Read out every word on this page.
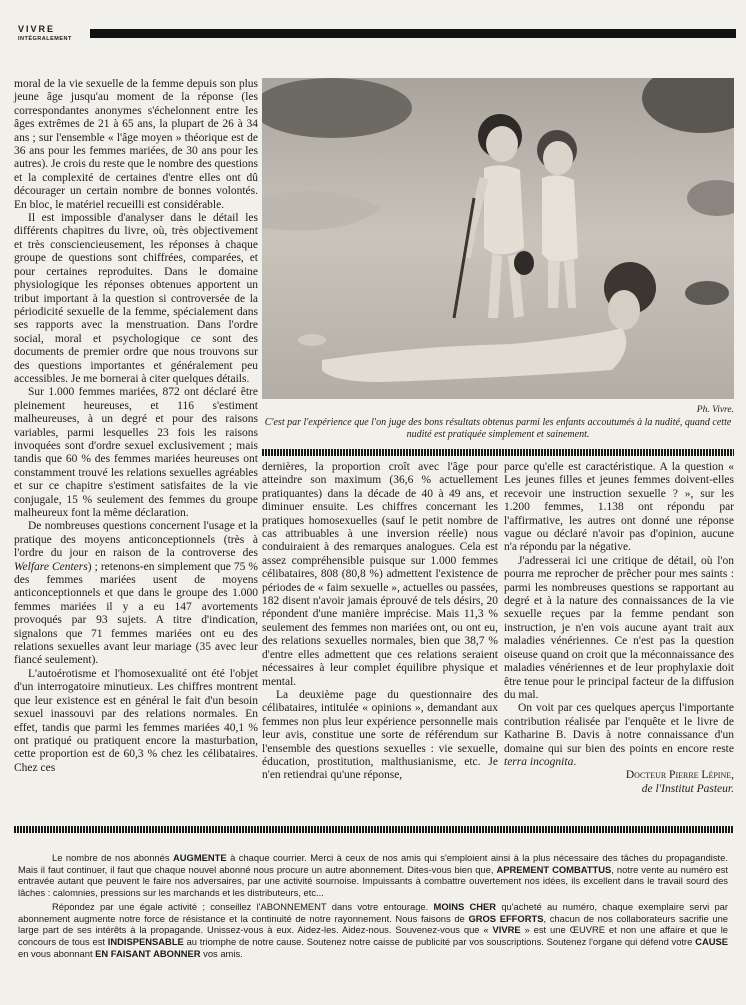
VIVRE
INTÉGRALEMENT

moral de la vie sexuelle de la femme depuis son plus jeune âge jusqu'au moment de la réponse (les correspondantes anonymes s'échelonnent entre les âges extrêmes de 21 à 65 ans, la plupart de 26 à 34 ans ; sur l'ensemble « l'âge moyen » théorique est de 36 ans pour les femmes mariées, de 30 ans pour les autres). Je crois du reste que le nombre des questions et la complexité de certaines d'entre elles ont dû décourager un certain nombre de bonnes volontés. En bloc, le matériel recueilli est considérable.

Il est impossible d'analyser dans le détail les différents chapitres du livre, où, très objectivement et très consciencieusement, les réponses à chaque groupe de questions sont chiffrées, comparées, et pour certaines reproduites. Dans le domaine physiologique les réponses obtenues apportent un tribut important à la question si controversée de la périodicité sexuelle de la femme, spécialement dans ses rapports avec la menstruation. Dans l'ordre social, moral et psychologique ce sont des documents de premier ordre que nous trouvons sur des questions importantes et généralement peu accessibles. Je me bornerai à citer quelques détails.

Sur 1.000 femmes mariées, 872 ont déclaré être pleinement heureuses, et 116 s'estiment malheureuses, à un degré et pour des raisons variables, parmi lesquelles 23 fois les raisons invoquées sont d'ordre sexuel exclusivement ; mais tandis que 60 % des femmes mariées heureuses ont constamment trouvé les relations sexuelles agréables et sur ce chapitre s'estiment satisfaites de la vie conjugale, 15 % seulement des femmes du groupe malheureux font la même déclaration.

De nombreuses questions concernent l'usage et la pratique des moyens anticonceptionnels (très à l'ordre du jour en raison de la controverse des Welfare Centers) ; retenons-en simplement que 75 % des femmes mariées usent de moyens anticonceptionnels et que dans le groupe des 1.000 femmes mariées il y a eu 147 avortements provoqués par 93 sujets. A titre d'indication, signalons que 71 femmes mariées ont eu des relations sexuelles avant leur mariage (35 avec leur fiancé seulement).

L'autoérotisme et l'homosexualité ont été l'objet d'un interrogatoire minutieux. Les chiffres montrent que leur existence est en général le fait d'un besoin sexuel inassouvi par des relations normales. En effet, tandis que parmi les femmes mariées 40,1 % ont pratiqué ou pratiquent encore la masturbation, cette proportion est de 60,3 % chez les célibataires. Chez ces

Ph. Vivre.
C'est par l'expérience que l'on juge des bons résultats obtenus parmi les enfants accoutumés à la nudité, quand cette nudité est pratiquée simplement et sainement.

dernières, la proportion croît avec l'âge pour atteindre son maximum (36,6 % actuellement pratiquantes) dans la décade de 40 à 49 ans, et diminuer ensuite. Les chiffres concernant les pratiques homosexuelles (sauf le petit nombre de cas attribuables à une inversion réelle) nous conduiraient à des remarques analogues. Cela est assez compréhensible puisque sur 1.000 femmes célibataires, 808 (80,8 %) admettent l'existence de périodes de « faim sexuelle », actuelles ou passées, 182 disent n'avoir jamais éprouvé de tels désirs, 20 répondent d'une manière imprécise. Mais 11,3 % seulement des femmes non mariées ont, ou ont eu, des relations sexuelles normales, bien que 38,7 % d'entre elles admettent que ces relations seraient nécessaires à leur complet équilibre physique et mental.

La deuxième page du questionnaire des célibataires, intitulée « opinions », demandant aux femmes non plus leur expérience personnelle mais leur avis, constitue une sorte de référendum sur l'ensemble des questions sexuelles : vie sexuelle, éducation, prostitution, malthusianisme, etc. Je n'en retiendrai qu'une réponse,

parce qu'elle est caractéristique. A la question « Les jeunes filles et jeunes femmes doivent-elles recevoir une instruction sexuelle ? », sur les 1.200 femmes, 1.138 ont répondu par l'affirmative, les autres ont donné une réponse vague ou déclaré n'avoir pas d'opinion, aucune n'a répondu par la négative.

J'adresserai ici une critique de détail, où l'on pourra me reprocher de prêcher pour mes saints : parmi les nombreuses questions se rapportant au degré et à la nature des connaissances de la vie sexuelle reçues par la femme pendant son instruction, je n'en vois aucune ayant trait aux maladies vénériennes. Ce n'est pas la question oiseuse quand on croit que la méconnaissance des maladies vénériennes et de leur prophylaxie doit être tenue pour le principal facteur de la diffusion du mal.

On voit par ces quelques aperçus l'importante contribution réalisée par l'enquête et le livre de Katharine B. Davis à notre connaissance d'un domaine qui sur bien des points en encore reste terra incognita.

Docteur Pierre Lépine,

de l'Institut Pasteur.

Le nombre de nos abonnés AUGMENTE à chaque courrier. Merci à ceux de nos amis qui s'emploient ainsi à la plus nécessaire des tâches du propagandiste. Mais il faut continuer, il faut que chaque nouvel abonné nous procure un autre abonnement. Dites-vous bien que, APREMENT COMBATTUS, notre vente au numéro est entravée autant que peuvent le faire nos adversaires, par une activité sournoise. Impuissants à combattre ouvertement nos idées, ils excellent dans le travail sourd des lâches : calomnies, pressions sur les marchands et les distributeurs, etc...

Répondez par une égale activité ; conseillez l'ABONNEMENT dans votre entourage. MOINS CHER qu'acheté au numéro, chaque exemplaire servi par abonnement augmente notre force de résistance et la continuité de notre rayonnement. Nous faisons de GROS EFFORTS, chacun de nos collaborateurs sacrifie une large part de ses intérêts à la propagande. Unissez-vous à eux. Aidez-les. Aidez-nous. Souvenez-vous que « VIVRE » est une ŒUVRE et non une affaire et que le concours de tous est INDISPENSABLE au triomphe de notre cause. Soutenez notre caisse de publicité par vos souscriptions. Soutenez l'organe qui défend votre CAUSE en vous abonnant EN FAISANT ABONNER vos amis.
